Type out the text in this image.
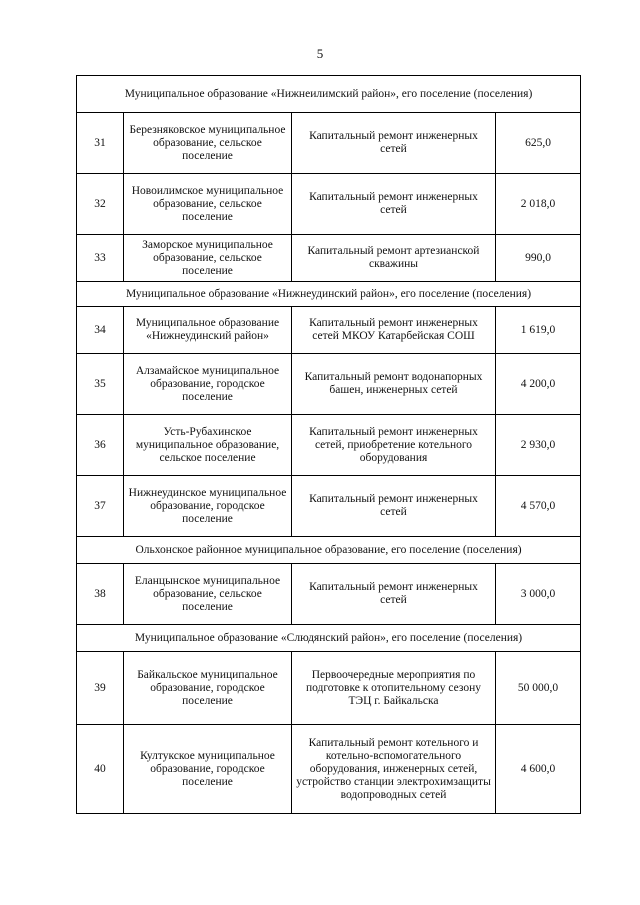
5
Муниципальное образование «Нижнеилимский район», его поселение (поселения)			
31	Березняковское муниципальное образование, сельское поселение	Капитальный ремонт инженерных сетей	625,0
32	Новоилимское муниципальное образование, сельское поселение	Капитальный ремонт инженерных сетей	2 018,0
33	Заморское муниципальное образование, сельское поселение	Капитальный ремонт артезианской скважины	990,0
Муниципальное образование «Нижнеудинский район», его поселение (поселения)			
34	Муниципальное образование «Нижнеудинский район»	Капитальный ремонт инженерных сетей МКОУ Катарбейская СОШ	1 619,0
35	Алзамайское муниципальное образование, городское поселение	Капитальный ремонт водонапорных башен, инженерных сетей	4 200,0
36	Усть-Рубахинское муниципальное образование, сельское поселение	Капитальный ремонт инженерных сетей, приобретение котельного оборудования	2 930,0
37	Нижнеудинское муниципальное образование, городское поселение	Капитальный ремонт инженерных сетей	4 570,0
Ольхонское районное муниципальное образование, его поселение (поселения)			
38	Еланцынское муниципальное образование, сельское поселение	Капитальный ремонт инженерных сетей	3 000,0
Муниципальное образование «Слюдянский район», его поселение (поселения)			
39	Байкальское муниципальное образование, городское поселение	Первоочередные мероприятия по подготовке к отопительному сезону ТЭЦ г. Байкальска	50 000,0
40	Култукское муниципальное образование, городское поселение	Капитальный ремонт котельного и котельно-вспомогательного оборудования, инженерных сетей, устройство станции электрохимзащиты водопроводных сетей	4 600,0
